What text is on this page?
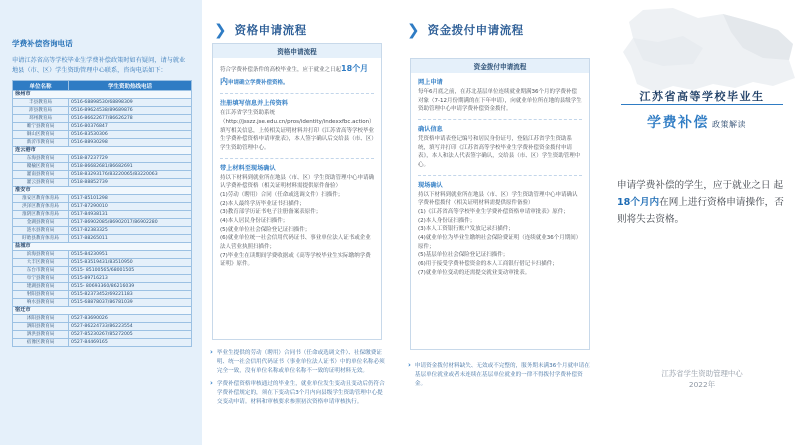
学费补偿咨询电话
申请江苏省高等学校毕业生学费补偿政策时如有疑问，请与就业地县（市、区）学生资助管理中心联系，咨询电话如下：
单位名称	学生资助热线电话
徐州市	
丰县教育局	0516-68898530/68898309
沛县教育局	0516-89624538/89689876
邳州教育局	0516-86622677/86626278
睢宁县教育局	0516-80376847
铜山区教育局	0516-83530306
新沂市教育局	0516-88930298
连云港市	
东海县教育局	0518-87237729
赣榆区教育局	0518-86682681/86682691
灌南县教育局	0518-83293176/83220065/83220063
灌云县教育局	0518-88852739
淮安市	
淮安区教育体育局	0517-85101298
洪泽区教育体育局	0517-87290010
淮阴区教育体育局	0517-84938131
金湖县教育局	0517-86902085/86902017/86902280
涟水县教育局	0517-82383325
盱眙县教育体育局	0517-88265011
盐城市	
滨海县教育局	0515-84230951
大丰区教育局	0515-83519431/83510950
东台市教育局	0515- 85100565/68001505
阜宁县教育局	0515-89716213
建湖县教育局	0515- 80693360/86216039
射阳县教育局	0515-82373452/69221183
响水县教育局	0515-68878037/86781039
宿迁市	
沭阳县教育局	0527-83690026
泗阳县教育局	0527-86224733/86223554
泗洪县教育局	0527-85230267/85272005
宿豫区教育局	0527-84469165
❯ 资格申请流程
资格申请流程
符合学费补偿条件的高校毕业生，应于就业之日起18个月内申请确立学费补偿资格。
注册填写信息并上传资料
在江苏省学生资助系统（http://jsszz.jse.edu.cn/pros/identity/indexxfbc.action）填写相关信息，上传相关证明材料并打印《江苏省高等学校毕业生学费补偿资格申请审批表》，本人签字确认后交给县（市、区）学生资助管理中心。
带上材料至现场确认
持以下材料到就业所在地县（市、区）学生资助管理中心申请确认学费补偿资格（相关证明材料需提供原件备验）
(1)劳动（聘用）合同（任命或选调文件）扫描件；
(2)本人最终学历毕业证书扫描件；
(3)教育部学历证书电子注册备案表原件；
(4)本人居民身份证扫描件；
(5)就业单位社会保险登记证扫描件；
(6)就业单位统一社会信用代码证书、事业单位法人证书或企业法人营业执照扫描件；
(7)毕业生在读期间学费收据或《高等学校毕业生实际缴纳学费证明》原件。
› 毕业生提供的劳动（聘用）合同书（任命或选调文件）、社保缴费证明、统一社会信用代码证书（事业单位法人证书）中的单位名称必须完全一致，没有单位名称或单位名称不一致的证明材料无效。
› 学费补偿资格审核通过的毕业生，就业单位发生变动且变动后仍符合学费补偿规定的，须在下变动后3个月内向县级学生资助管理中心提交变动申请。材料和审核要求参照初次资格申请审核执行。
❯ 资金拨付申请流程
资金拨付申请流程
网上申请
每年6月底之前，在苏北基层单位连续就业期满36个月的学费补偿对象（7-12月份期满的在下年申请），向就业单位所在地的县级学生资助管理中心申请学费补偿资金拨付。
确认信息
凭资格申请表登记编号和居民身份证号，登陆江苏省学生资助系统，填写并打印《江苏省高等学校毕业生学费补偿资金拨付申请表》，本人和法人代表签字确认，交给县（市、区）学生资助管理中心。
现场确认
持以下材料到就业所在地县（市、区）学生资助管理中心申请确认学费补偿拨付（相关证明材料需提供原件备验）
(1)《江苏省高等学校毕业生学费补偿资格申请审批表》原件；
(2)本人身份证扫描件；
(3)本人工资银行账户发放记录扫描件；
(4)就业单位为毕业生缴纳社会保险费证明（连续就业36个月期间）原件；
(5)基层单位社会保险登记证扫描件；
(6)用于接受学费补偿资金的本人工商银行借记卡扫描件；
(7)就业单位变动的还需提交就业变动审批表。
› 申请资金拨付材料缺失、无效或不完整的，服务期未满36个月就申请在基层单位就业或者未连续在基层单位就业的一律不得拨付学费补偿资金。
江苏省高等学校毕业生
学费补偿 政策解读
申请学费补偿的学生，应于就业之日 起18个月内在网上进行资格申请操作，否则将失去资格。
江苏省学生资助管理中心
2022年
